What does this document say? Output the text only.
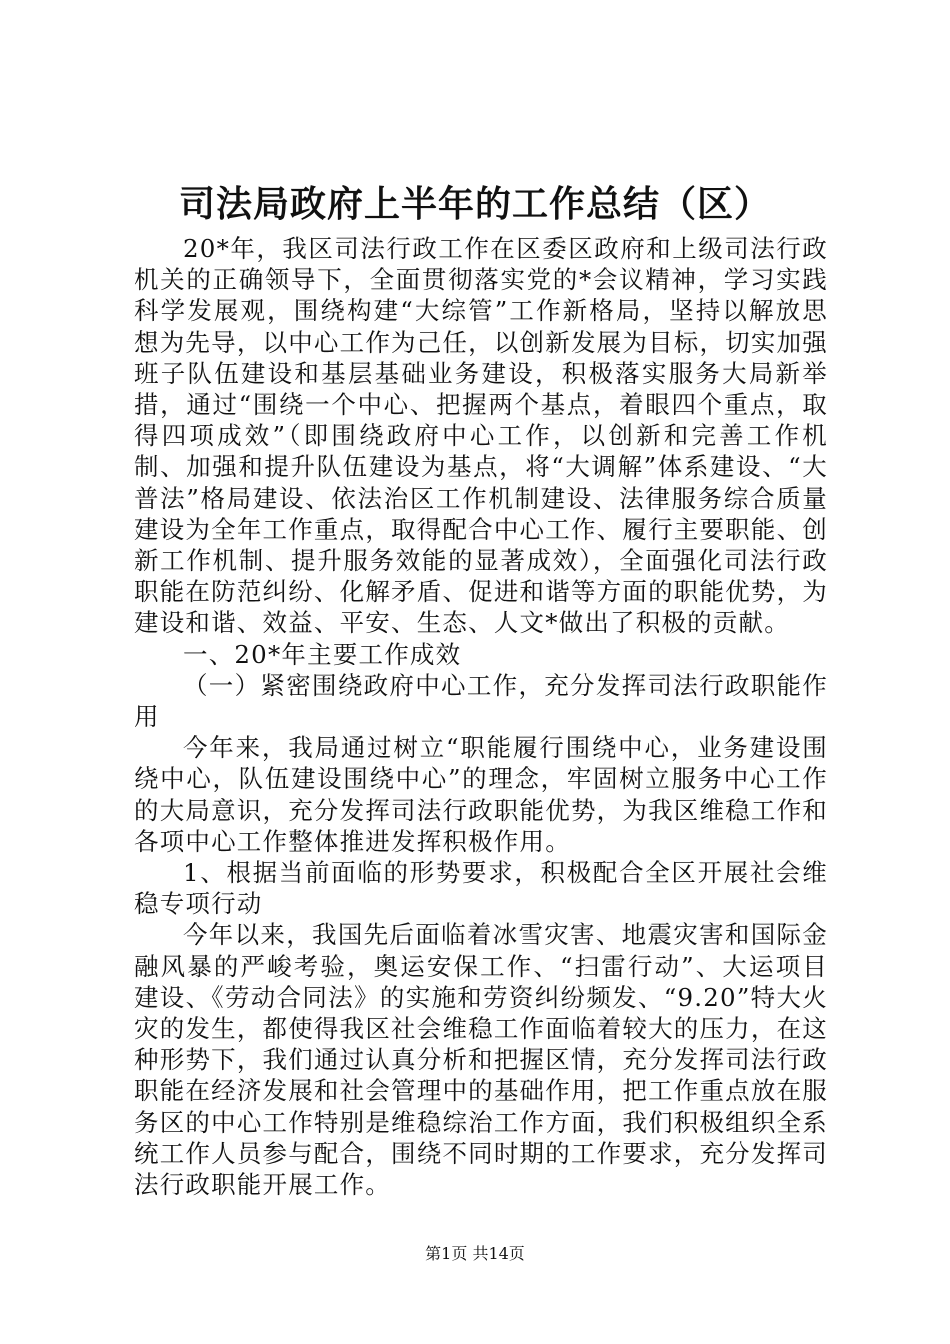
司法局政府上半年的工作总结（区）

20*年，我区司法行政工作在区委区政府和上级司法行政机关的正确领导下，全面贯彻落实党的*会议精神，学习实践科学发展观，围绕构建“大综管”工作新格局，坚持以解放思想为先导，以中心工作为己任，以创新发展为目标，切实加强班子队伍建设和基层基础业务建设，积极落实服务大局新举措，通过“围绕一个中心、把握两个基点，着眼四个重点，取得四项成效”（即围绕政府中心工作，以创新和完善工作机制、加强和提升队伍建设为基点，将“大调解”体系建设、“大普法”格局建设、依法治区工作机制建设、法律服务综合质量建设为全年工作重点，取得配合中心工作、履行主要职能、创新工作机制、提升服务效能的显著成效），全面强化司法行政职能在防范纠纷、化解矛盾、促进和谐等方面的职能优势，为建设和谐、效益、平安、生态、人文*做出了积极的贡献。

一、20*年主要工作成效

（一）紧密围绕政府中心工作，充分发挥司法行政职能作用

今年来，我局通过树立“职能履行围绕中心，业务建设围绕中心，队伍建设围绕中心”的理念，牢固树立服务中心工作的大局意识，充分发挥司法行政职能优势，为我区维稳工作和各项中心工作整体推进发挥积极作用。

1、根据当前面临的形势要求，积极配合全区开展社会维稳专项行动

今年以来，我国先后面临着冰雪灾害、地震灾害和国际金融风暴的严峻考验，奥运安保工作、“扫雷行动”、大运项目建设、《劳动合同法》的实施和劳资纠纷频发、“9.20”特大火灾的发生，都使得我区社会维稳工作面临着较大的压力，在这种形势下，我们通过认真分析和把握区情，充分发挥司法行政职能在经济发展和社会管理中的基础作用，把工作重点放在服务区的中心工作特别是维稳综治工作方面，我们积极组织全系统工作人员参与配合，围绕不同时期的工作要求，充分发挥司法行政职能开展工作。

第1页 共14页
